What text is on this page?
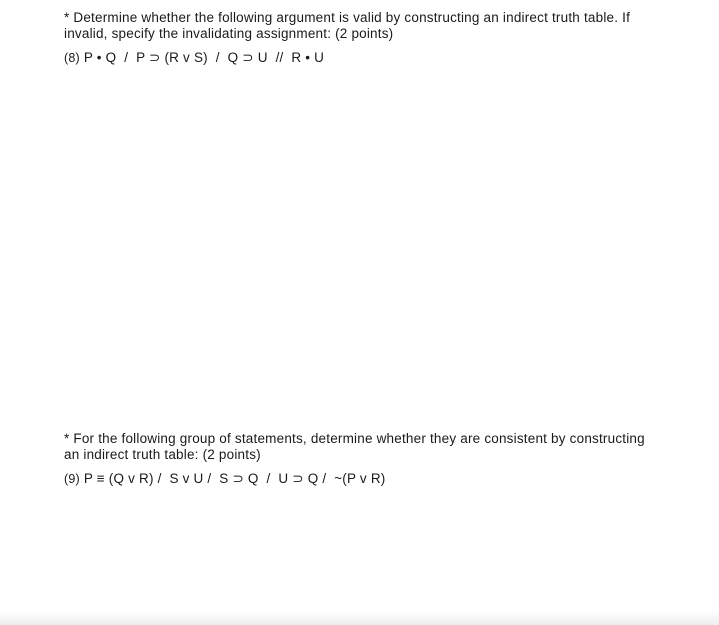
* Determine whether the following argument is valid by constructing an indirect truth table. If invalid, specify the invalidating assignment: (2 points)

(8) P • Q  /  P ⊃ (R v S)  /  Q ⊃ U  //  R • U

* For the following group of statements, determine whether they are consistent by constructing an indirect truth table: (2 points)

(9) P ≡ (Q v R) /  S v U /  S ⊃ Q  /  U ⊃ Q /  ~(P v R)
